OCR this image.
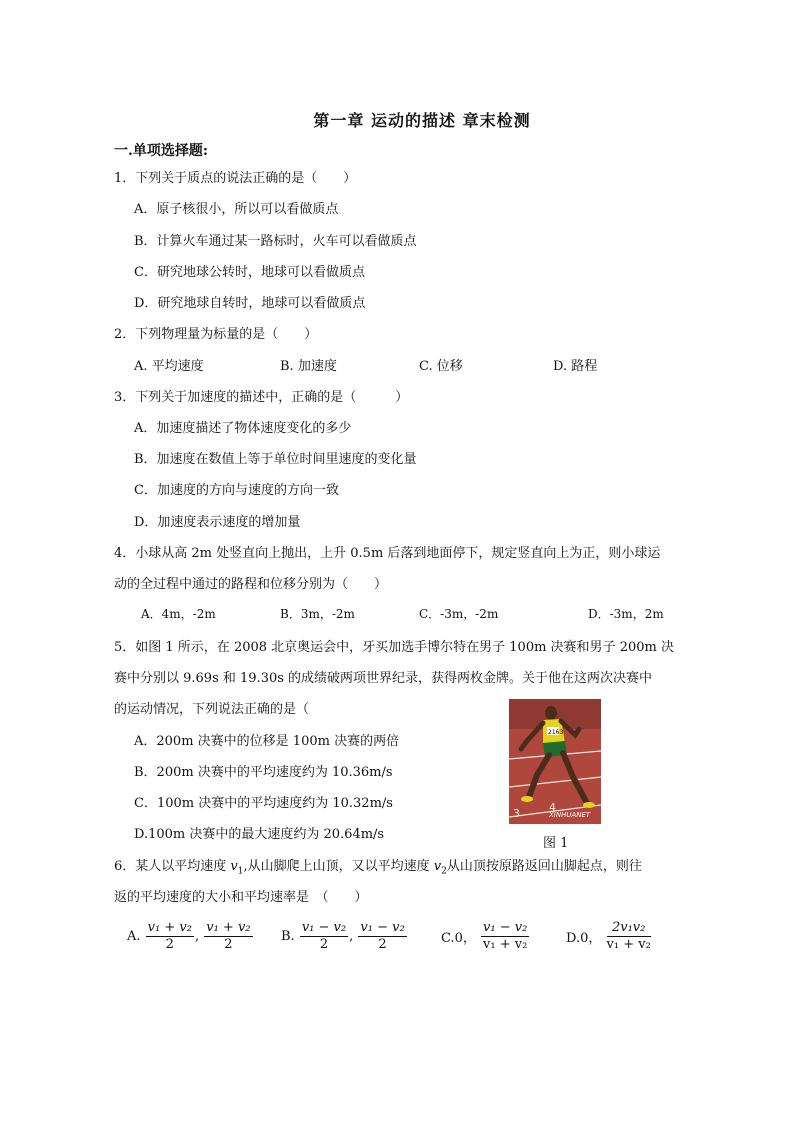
第一章 运动的描述 章末检测
一.单项选择题:
1．下列关于质点的说法正确的是（　　）
A．原子核很小，所以可以看做质点
B．计算火车通过某一路标时，火车可以看做质点
C．研究地球公转时，地球可以看做质点
D．研究地球自转时，地球可以看做质点
2．下列物理量为标量的是（　　）
A. 平均速度	B. 加速度	C. 位移	D. 路程
3．下列关于加速度的描述中，正确的是（　　　）
A．加速度描述了物体速度变化的多少
B．加速度在数值上等于单位时间里速度的变化量
C．加速度的方向与速度的方向一致
D．加速度表示速度的增加量
4．小球从高 2m 处竖直向上抛出，上升 0.5m 后落到地面停下，规定竖直向上为正，则小球运
动的全过程中通过的路程和位移分别为（　　）
A．4m，-2m	B．3m，-2m	C．-3m，-2m	D．-3m，2m
5．如图 1 所示，在 2008 北京奥运会中，牙买加选手博尔特在男子 100m 决赛和男子 200m 决
赛中分别以 9.69s 和 19.30s 的成绩破两项世界纪录，获得两枚金牌。关于他在这两次决赛中
的运动情况，下列说法正确的是（
A．200m 决赛中的位移是 100m 决赛的两倍
B．200m 决赛中的平均速度约为 10.36m/s
C．100m 决赛中的平均速度约为 10.32m/s
D.100m 决赛中的最大速度约为 20.64m/s
3	4
2163
XINHUANET
图 1
6．某人以平均速度 $v_1$,从山脚爬上山顶，又以平均速度 $v_2$从山顶按原路返回山脚起点，则往
返的平均速度的大小和平均速率是　（　　）
A. $\frac{\text{v₁ + v₂}}{2}$ , $\frac{\text{v₁ + v₂}}{2} B$. $\frac{\text{v₁ − v₂}}{2}$ , $\frac{\text{v₁ − v₂}}{2}$	C.0， $\frac{\text{v₁ − v₂}}{\text{v₁ + v₂}}$	D.0， $\frac{\text{2v₁v₂}}{\text{v₁ + v₂}}$
